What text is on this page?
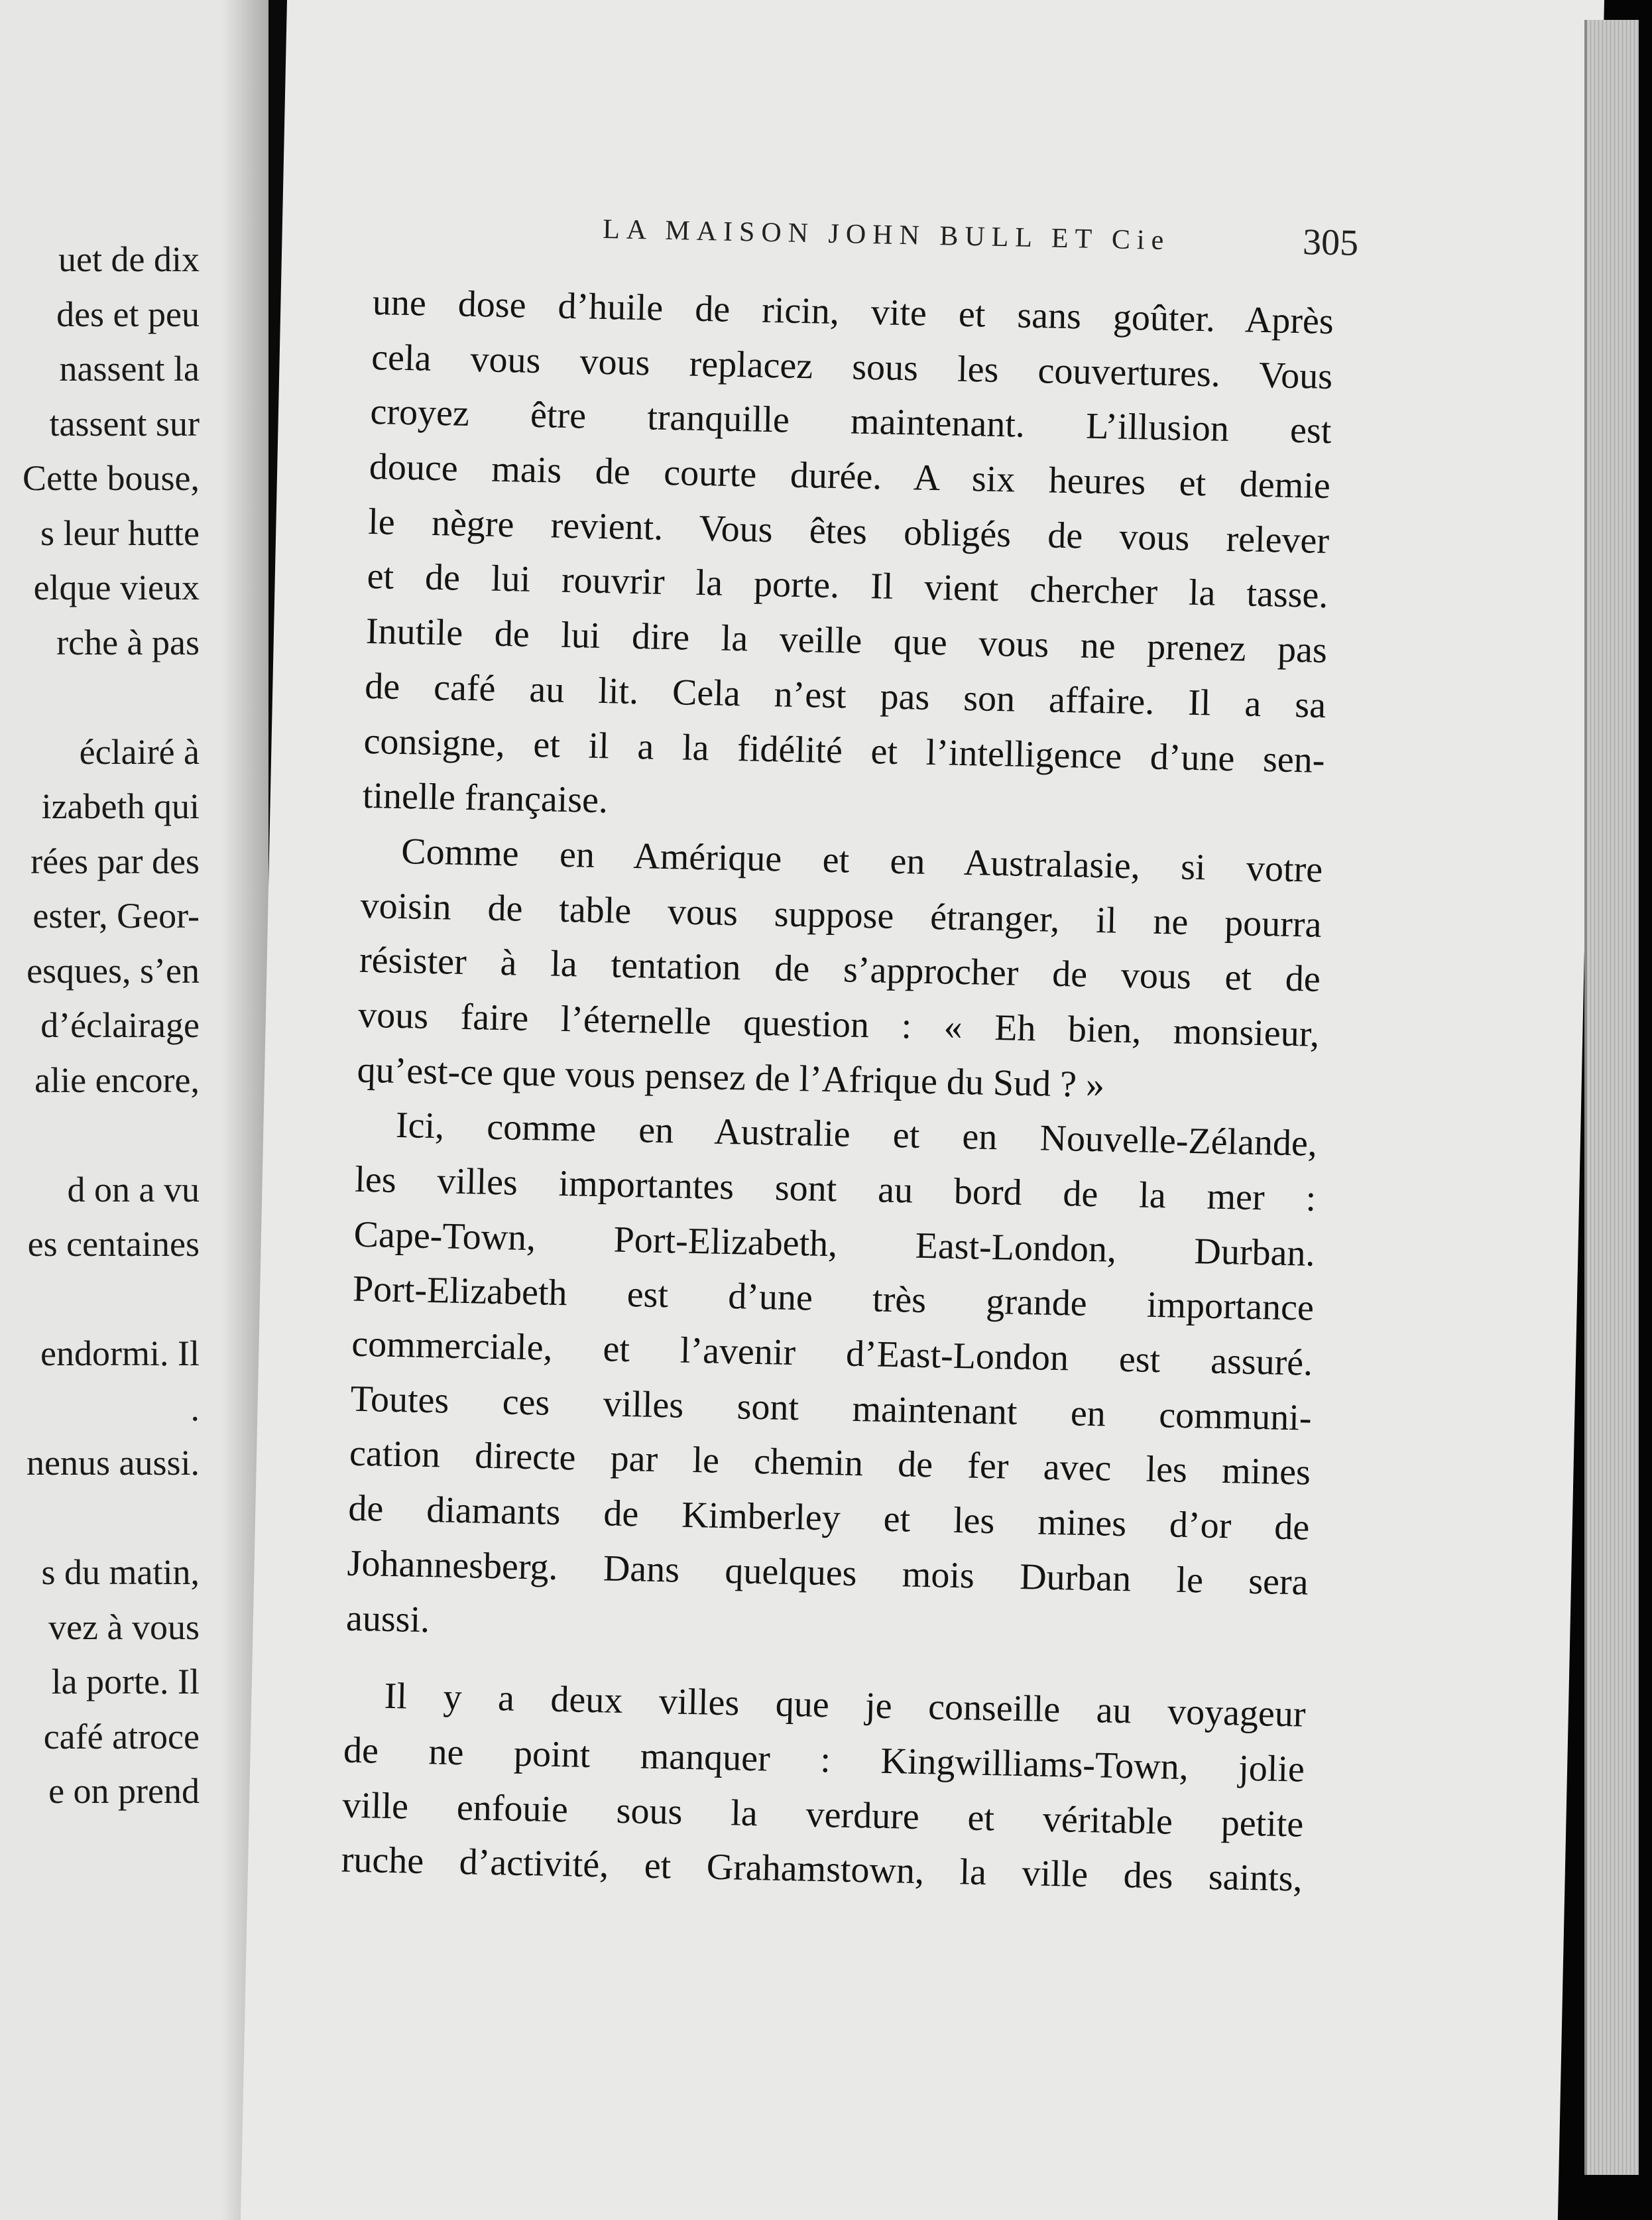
uet de dix
des et peu
nassent la
tassent sur
Cette bouse,
s leur hutte
elque vieux
rche à pas
éclairé à
izabeth qui
rées par des
ester, Geor-
esques, s’en
d’éclairage
alie encore,
d on a vu
es centaines
endormi. Il
.
nenus aussi.
s du matin,
vez à vous
la porte. Il
café atroce
e on prend
LA MAISON JOHN BULL ET Cie	305
une dose d’huile de ricin, vite et sans goûter. Après
cela vous vous replacez sous les couvertures. Vous
croyez être tranquille maintenant. L’illusion est
douce mais de courte durée. A six heures et demie
le nègre revient. Vous êtes obligés de vous relever
et de lui rouvrir la porte. Il vient chercher la tasse.
Inutile de lui dire la veille que vous ne prenez pas
de café au lit. Cela n’est pas son affaire. Il a sa
consigne, et il a la fidélité et l’intelligence d’une sen-
tinelle française.
Comme en Amérique et en Australasie, si votre
voisin de table vous suppose étranger, il ne pourra
résister à la tentation de s’approcher de vous et de
vous faire l’éternelle question : « Eh bien, monsieur,
qu’est-ce que vous pensez de l’Afrique du Sud ? »
Ici, comme en Australie et en Nouvelle-Zélande,
les villes importantes sont au bord de la mer :
Cape-Town, Port-Elizabeth, East-London, Durban.
Port-Elizabeth est d’une très grande importance
commerciale, et l’avenir d’East-London est assuré.
Toutes ces villes sont maintenant en communi-
cation directe par le chemin de fer avec les mines
de diamants de Kimberley et les mines d’or de
Johannesberg. Dans quelques mois Durban le sera
aussi.
Il y a deux villes que je conseille au voyageur
de ne point manquer : Kingwilliams-Town, jolie
ville enfouie sous la verdure et véritable petite
ruche d’activité, et Grahamstown, la ville des saints,
